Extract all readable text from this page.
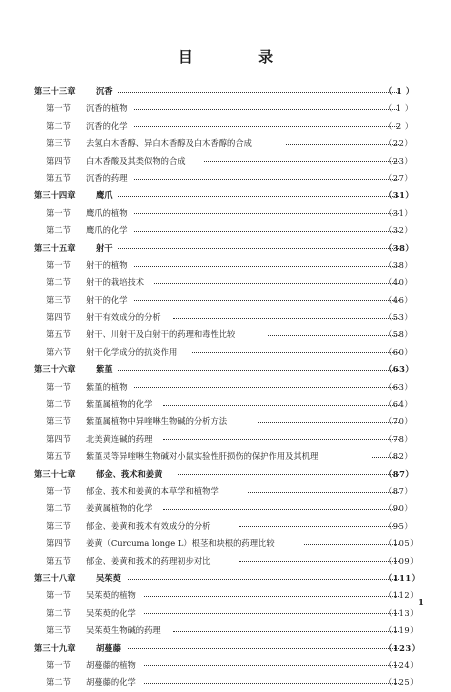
目 录
第三十三章 沉香	（ 1 ）
第一节 沉香的植物	（ 1 ）
第二节 沉香的化学	（ 2 ）
第三节 去氢白木香醇、异白木香醇及白木香醇的合成	（22）
第四节 白木香酸及其类似物的合成	（23）
第五节 沉香的药理	（27）
第三十四章 鹰爪	（31）
第一节 鹰爪的植物	（31）
第二节 鹰爪的化学	（32）
第三十五章 射干	（38）
第一节 射干的植物	（38）
第二节 射干的栽培技术	（40）
第三节 射干的化学	（46）
第四节 射干有效成分的分析	（53）
第五节 射干、川射干及白射干的药理和毒性比较	（58）
第六节 射干化学成分的抗炎作用	（60）
第三十六章 紫堇	（63）
第一节 紫堇的植物	（63）
第二节 紫堇属植物的化学	（64）
第三节 紫堇属植物中异喹啉生物碱的分析方法	（70）
第四节 北美黄连碱的药理	（78）
第五节 紫堇灵等异喹啉生物碱对小鼠实验性肝损伤的保护作用及其机理	（82）
第三十七章 郁金、莪术和姜黄	（87）
第一节 郁金、莪术和姜黄的本草学和植物学	（87）
第二节 姜黄属植物的化学	（90）
第三节 郁金、姜黄和莪术有效成分的分析	（95）
第四节 姜黄（Curcuma longe L）根茎和块根的药理比较	（105）
第五节 郁金、姜黄和莪术的药理初步对比	（109）
第三十八章 吴茱萸	（111）
第一节 吴茱萸的植物	（112）
第二节 吴茱萸的化学	（113）
第三节 吴茱萸生物碱的药理	（119）
第三十九章 胡蔓藤	（123）
第一节 胡蔓藤的植物	（124）
第二节 胡蔓藤的化学	（125）
1
